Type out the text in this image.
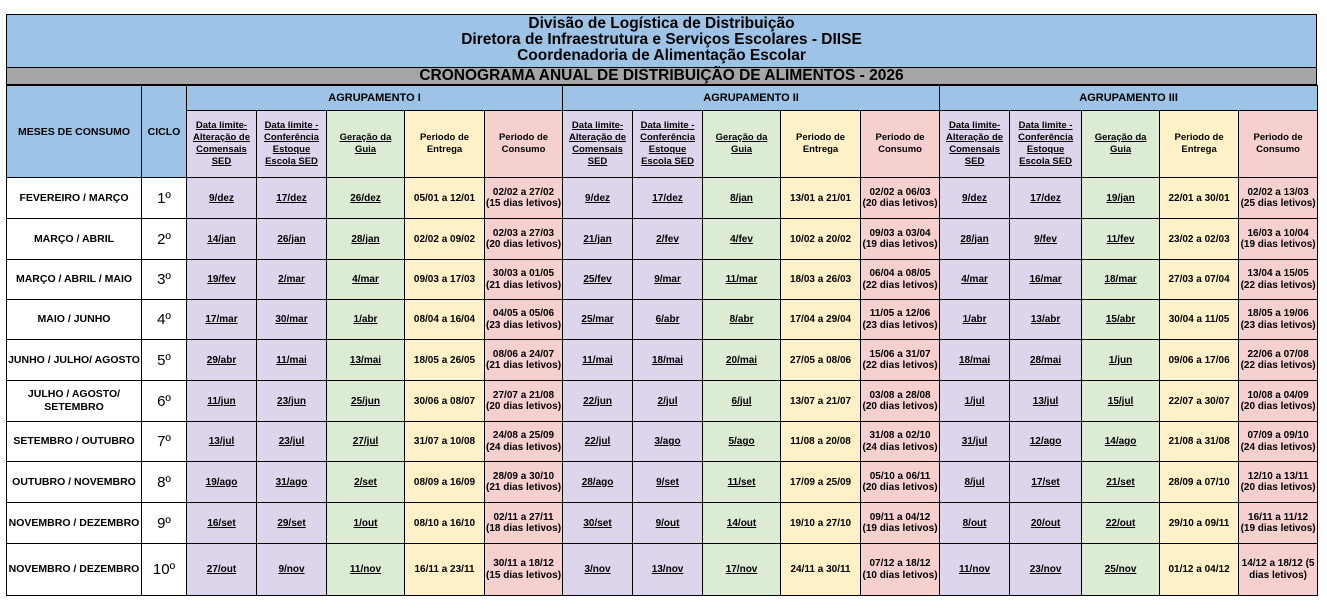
Divisão de Logística de Distribuição
Diretora de Infraestrutura e Serviços Escolares - DIISE
Coordenadoria de Alimentação Escolar
CRONOGRAMA ANUAL DE DISTRIBUIÇÃO DE ALIMENTOS - 2026
MESES DE CONSUMO	CICLO	AGRUPAMENTO I					AGRUPAMENTO II					AGRUPAMENTO III				
		Data limite-Alteração de Comensais SED	Data limite - Conferência Estoque Escola SED	Geração da Guia	Periodo de Entrega	Periodo de Consumo	Data limite-Alteração de Comensais SED	Data limite - Conferência Estoque Escola SED	Geração da Guia	Periodo de Entrega	Periodo de Consumo	Data limite-Alteração de Comensais SED	Data limite - Conferência Estoque Escola SED	Geração da Guia	Periodo de Entrega	Periodo de Consumo
FEVEREIRO / MARÇO	1º	9/dez	17/dez	26/dez	05/01 a 12/01	02/02 a 27/02 (15 dias letivos)	9/dez	17/dez	8/jan	13/01 a 21/01	02/02 a 06/03 (20 dias letivos)	9/dez	17/dez	19/jan	22/01 a 30/01	02/02 a 13/03 (25 dias letivos)
MARÇO / ABRIL	2º	14/jan	26/jan	28/jan	02/02 a 09/02	02/03 a 27/03 (20 dias letivos)	21/jan	2/fev	4/fev	10/02 a 20/02	09/03 a 03/04 (19 dias letivos)	28/jan	9/fev	11/fev	23/02 a 02/03	16/03 a 10/04 (19 dias letivos)
MARÇO / ABRIL / MAIO	3º	19/fev	2/mar	4/mar	09/03 a 17/03	30/03 a 01/05 (21 dias letivos)	25/fev	9/mar	11/mar	18/03 a 26/03	06/04 a 08/05 (22 dias letivos)	4/mar	16/mar	18/mar	27/03 a 07/04	13/04 a 15/05 (22 dias letivos)
MAIO / JUNHO	4º	17/mar	30/mar	1/abr	08/04 a 16/04	04/05 a 05/06 (23 dias letivos)	25/mar	6/abr	8/abr	17/04 a 29/04	11/05 a 12/06 (23 dias letivos)	1/abr	13/abr	15/abr	30/04 a 11/05	18/05 a 19/06 (23 dias letivos)
JUNHO / JULHO/ AGOSTO	5º	29/abr	11/mai	13/mai	18/05 a 26/05	08/06 a 24/07 (21 dias letivos)	11/mai	18/mai	20/mai	27/05 a 08/06	15/06 a 31/07 (22 dias letivos)	18/mai	28/mai	1/jun	09/06 a 17/06	22/06 a 07/08 (22 dias letivos)
JULHO / AGOSTO/ SETEMBRO	6º	11/jun	23/jun	25/jun	30/06 a 08/07	27/07 a 21/08 (20 dias letivos)	22/jun	2/jul	6/jul	13/07 a 21/07	03/08 a 28/08 (20 dias letivos)	1/jul	13/jul	15/jul	22/07 a 30/07	10/08 a 04/09 (20 dias letivos)
SETEMBRO / OUTUBRO	7º	13/jul	23/jul	27/jul	31/07 a 10/08	24/08 a 25/09 (24 dias letivos)	22/jul	3/ago	5/ago	11/08 a 20/08	31/08 a 02/10 (24 dias letivos)	31/jul	12/ago	14/ago	21/08 a 31/08	07/09 a 09/10 (24 dias letivos)
OUTUBRO / NOVEMBRO	8º	19/ago	31/ago	2/set	08/09 a 16/09	28/09 a 30/10 (21 dias letivos)	28/ago	9/set	11/set	17/09 a 25/09	05/10 a 06/11 (20 dias letivos)	8/jul	17/set	21/set	28/09 a 07/10	12/10 a 13/11 (20 dias letivos)
NOVEMBRO / DEZEMBRO	9º	16/set	29/set	1/out	08/10 a 16/10	02/11 a 27/11 (18 dias letivos)	30/set	9/out	14/out	19/10 a 27/10	09/11 a 04/12 (19 dias letivos)	8/out	20/out	22/out	29/10 a 09/11	16/11 a 11/12 (19 dias letivos)
NOVEMBRO / DEZEMBRO	10º	27/out	9/nov	11/nov	16/11 a 23/11	30/11 a 18/12 (15 dias letivos)	3/nov	13/nov	17/nov	24/11 a 30/11	07/12 a 18/12 (10 dias letivos)	11/nov	23/nov	25/nov	01/12 a 04/12	14/12 a 18/12 (5 dias letivos)
